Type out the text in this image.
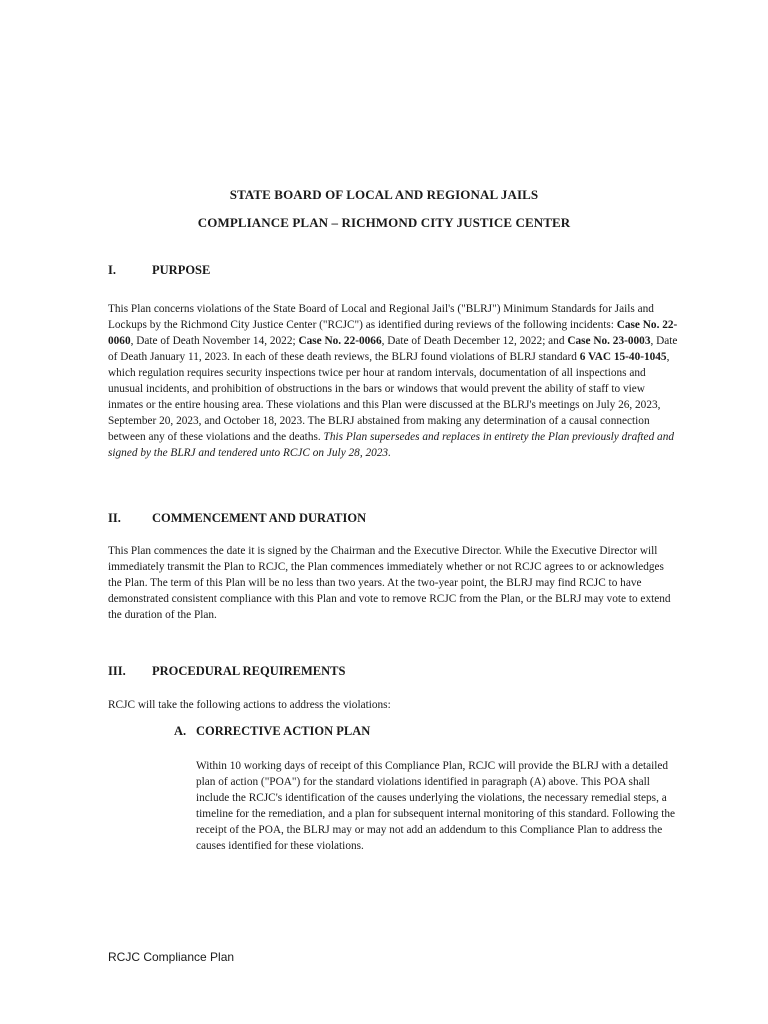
STATE BOARD OF LOCAL AND REGIONAL JAILS
COMPLIANCE PLAN – RICHMOND CITY JUSTICE CENTER
I.	PURPOSE
This Plan concerns violations of the State Board of Local and Regional Jail's ("BLRJ") Minimum Standards for Jails and Lockups by the Richmond City Justice Center ("RCJC") as identified during reviews of the following incidents: Case No. 22-0060, Date of Death November 14, 2022; Case No. 22-0066, Date of Death December 12, 2022; and Case No. 23-0003, Date of Death January 11, 2023. In each of these death reviews, the BLRJ found violations of BLRJ standard 6 VAC 15-40-1045, which regulation requires security inspections twice per hour at random intervals, documentation of all inspections and unusual incidents, and prohibition of obstructions in the bars or windows that would prevent the ability of staff to view inmates or the entire housing area. These violations and this Plan were discussed at the BLRJ's meetings on July 26, 2023, September 20, 2023, and October 18, 2023. The BLRJ abstained from making any determination of a causal connection between any of these violations and the deaths. This Plan supersedes and replaces in entirety the Plan previously drafted and signed by the BLRJ and tendered unto RCJC on July 28, 2023.
II. COMMENCEMENT AND DURATION
This Plan commences the date it is signed by the Chairman and the Executive Director. While the Executive Director will immediately transmit the Plan to RCJC, the Plan commences immediately whether or not RCJC agrees to or acknowledges the Plan. The term of this Plan will be no less than two years. At the two-year point, the BLRJ may find RCJC to have demonstrated consistent compliance with this Plan and vote to remove RCJC from the Plan, or the BLRJ may vote to extend the duration of the Plan.
III. PROCEDURAL REQUIREMENTS
RCJC will take the following actions to address the violations:
A. CORRECTIVE ACTION PLAN
Within 10 working days of receipt of this Compliance Plan, RCJC will provide the BLRJ with a detailed plan of action ("POA") for the standard violations identified in paragraph (A) above. This POA shall include the RCJC's identification of the causes underlying the violations, the necessary remedial steps, a timeline for the remediation, and a plan for subsequent internal monitoring of this standard. Following the receipt of the POA, the BLRJ may or may not add an addendum to this Compliance Plan to address the causes identified for these violations.
RCJC Compliance Plan
